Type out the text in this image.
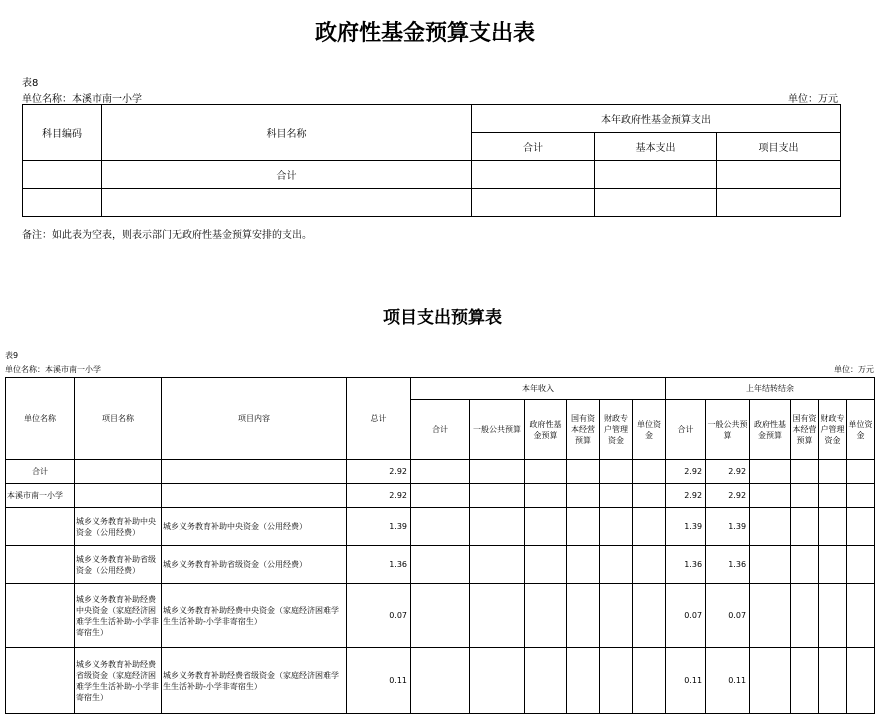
政府性基金预算支出表
表8
单位名称：本溪市南一小学	单位：万元
科目编码	科目名称	本年政府性基金预算支出		
		合计	基本支出	项目支出
	合计			

备注：如此表为空表，则表示部门无政府性基金预算安排的支出。
项目支出预算表
表9
单位名称：本溪市南一小学	单位：万元
单位名称	项目名称	项目内容	总计	本年收入						上年结转结余					
				合计	一般公共预算	政府性基金预算	国有资本经营预算	财政专户管理资金	单位资金	合计	一般公共预算	政府性基金预算	国有资本经营预算	财政专户管理资金	单位资金
合计			2.92							2.92	2.92				
本溪市南一小学			2.92							2.92	2.92				
	城乡义务教育补助中央资金（公用经费）	城乡义务教育补助中央资金（公用经费）	1.39							1.39	1.39				
	城乡义务教育补助省级资金（公用经费）	城乡义务教育补助省级资金（公用经费）	1.36							1.36	1.36				
	城乡义务教育补助经费中央资金（家庭经济困难学生生活补助-小学非寄宿生）	城乡义务教育补助经费中央资金（家庭经济困难学生生活补助-小学非寄宿生）	0.07							0.07	0.07				
	城乡义务教育补助经费省级资金（家庭经济困难学生生活补助-小学非寄宿生）	城乡义务教育补助经费省级资金（家庭经济困难学生生活补助-小学非寄宿生）	0.11							0.11	0.11				
